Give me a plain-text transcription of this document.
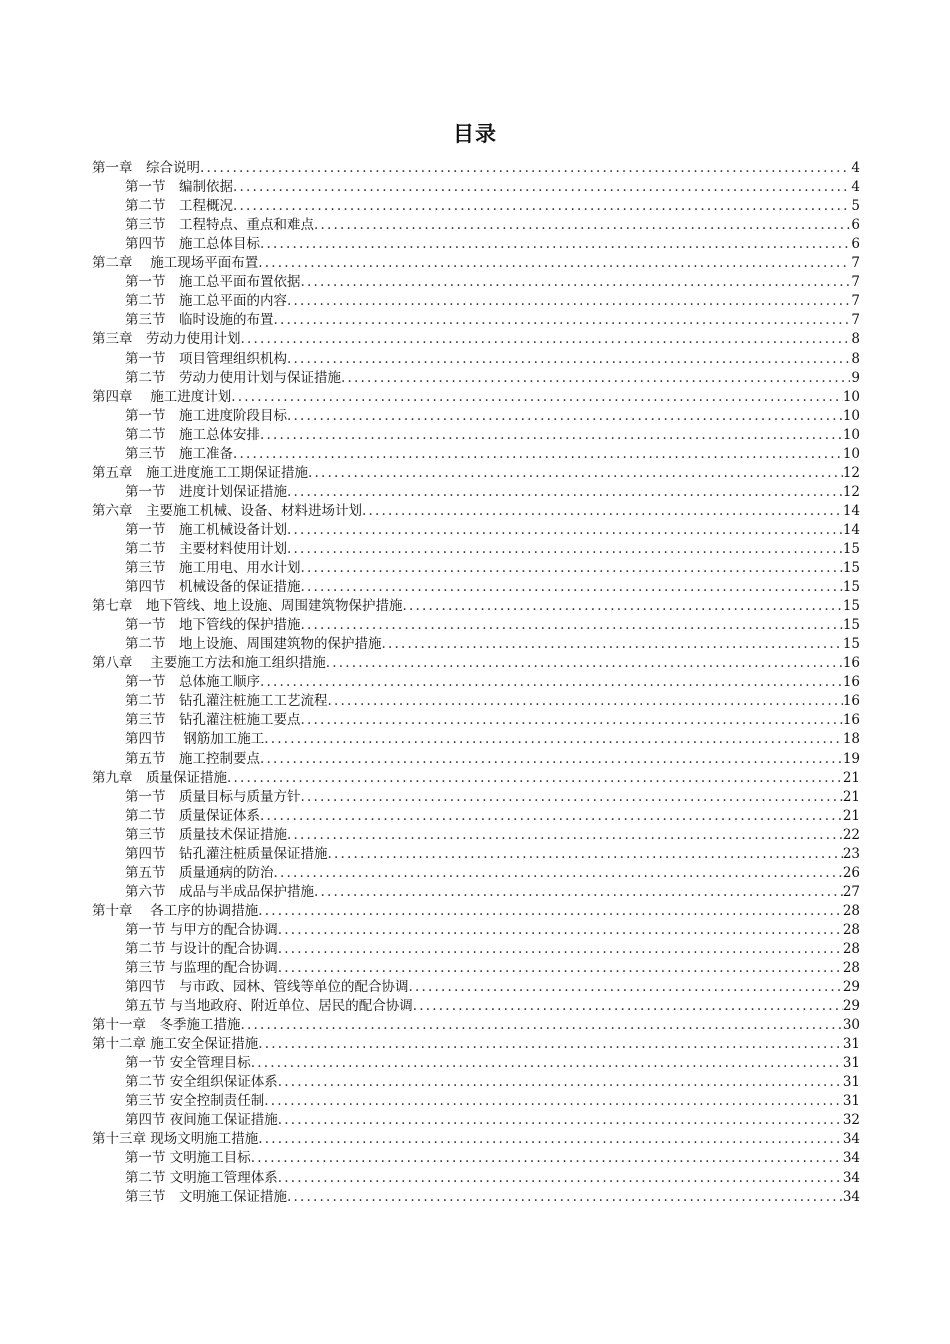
目录
第一章　综合说明 .....	4
第一节　编制依据 .....	4
第二节　工程概况 .....	5
第三节　工程特点、重点和难点 .....	6
第四节　施工总体目标 .....	6
第二章　 施工现场平面布置 .....	7
第一节　施工总平面布置依据 .....	7
第二节　施工总平面的内容 .....	7
第三节　临时设施的布置 .....	7
第三章　劳动力使用计划 .....	8
第一节　项目管理组织机构 .....	8
第二节　劳动力使用计划与保证措施 .....	9
第四章　 施工进度计划 .....	10
第一节　施工进度阶段目标 .....	10
第二节　施工总体安排 .....	10
第三节　施工准备 .....	10
第五章　施工进度施工工期保证措施 .....	12
第一节　进度计划保证措施 .....	12
第六章　主要施工机械、设备、材料进场计划 .....	14
第一节　施工机械设备计划 .....	14
第二节　主要材料使用计划 .....	15
第三节　施工用电、用水计划 .....	15
第四节　机械设备的保证措施 .....	15
第七章　地下管线、地上设施、周围建筑物保护措施 .....	15
第一节　地下管线的保护措施 .....	15
第二节　地上设施、周围建筑物的保护措施 .....	15
第八章　 主要施工方法和施工组织措施 .....	16
第一节　总体施工顺序 .....	16
第二节　钻孔灌注桩施工工艺流程 .....	16
第三节　钻孔灌注桩施工要点 .....	16
第四节　 钢筋加工施工 .....	18
第五节　施工控制要点 .....	19
第九章　质量保证措施 .....	21
第一节　质量目标与质量方针 .....	21
第二节　质量保证体系 .....	21
第三节　质量技术保证措施 .....	22
第四节　钻孔灌注桩质量保证措施 .....	23
第五节　质量通病的防治 .....	26
第六节　成品与半成品保护措施 .....	27
第十章　 各工序的协调措施 .....	28
第一节 与甲方的配合协调 .....	28
第二节 与设计的配合协调 .....	28
第三节 与监理的配合协调 .....	28
第四节　与市政、园林、管线等单位的配合协调 .....	29
第五节 与当地政府、附近单位、居民的配合协调 .....	29
第十一章　冬季施工措施 .....	30
第十二章 施工安全保证措施 .....	31
第一节 安全管理目标 .....	31
第二节 安全组织保证体系 .....	31
第三节 安全控制责任制 .....	31
第四节 夜间施工保证措施 .....	32
第十三章 现场文明施工措施 .....	34
第一节 文明施工目标 .....	34
第二节 文明施工管理体系 .....	34
第三节　文明施工保证措施 .....	34
